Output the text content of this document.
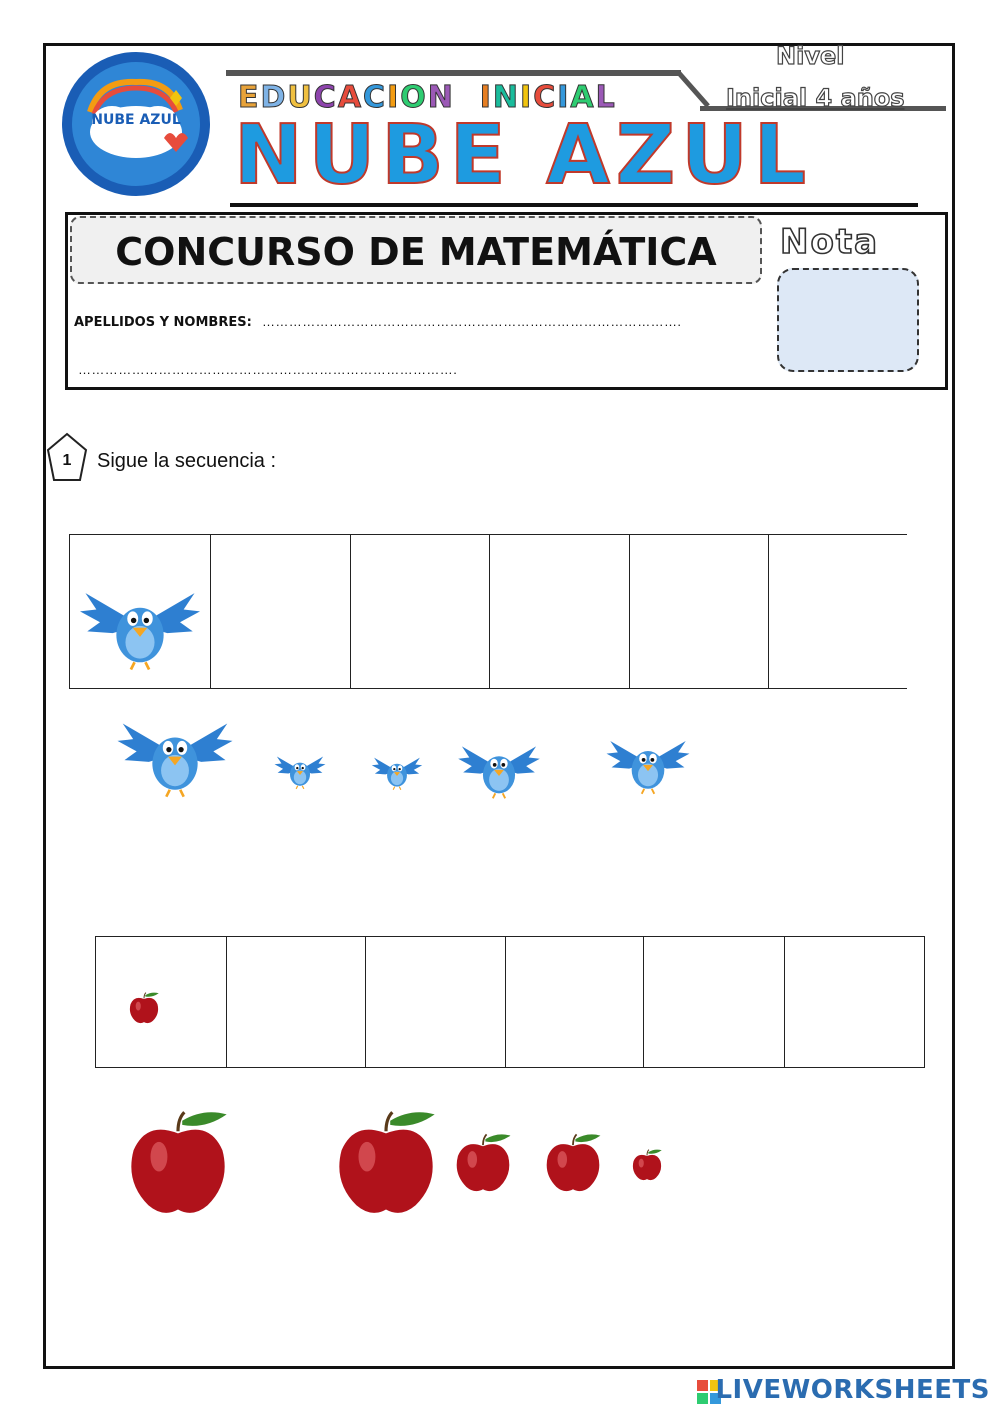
NUBE AZUL
EDUCACION INICIAL
Nivel
Inicial 4 años
NUBE AZUL
CONCURSO DE MATEMÁTICA
APELLIDOS Y NOMBRES: ………………………………………………………………………………….
………………………………………………………………………….
Nota
1	Sigue la secuencia :
LIVEWORKSHEETS
